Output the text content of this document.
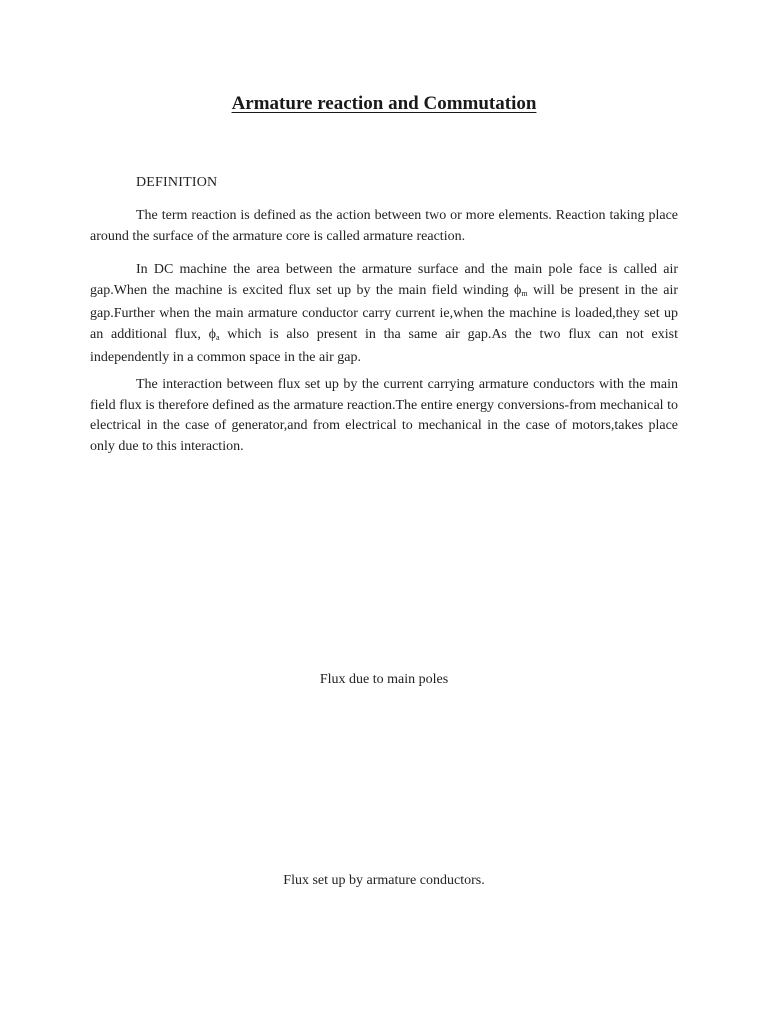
Armature reaction and Commutation
DEFINITION
The term reaction is defined as the action between two or more elements. Reaction taking place around the surface of the armature core is called armature reaction.
In DC machine the area between the armature surface and the main pole face is called air gap.When the machine is excited flux set up by the main field winding $\phi_m$ will be present in the air gap.Further when the main armature conductor carry current ie,when the machine is loaded,they set up an additional flux, $\phi_a$ which is also present in tha same air gap.As the two flux can not exist independently in a common space in the air gap.
The interaction between flux set up by the current carrying armature conductors with the main field flux is therefore defined as the armature reaction.The entire energy conversions-from mechanical to electrical in the case of generator,and from electrical to mechanical in the case of motors,takes place only due to this interaction.
Flux due to main poles
Flux set up by armature conductors.
